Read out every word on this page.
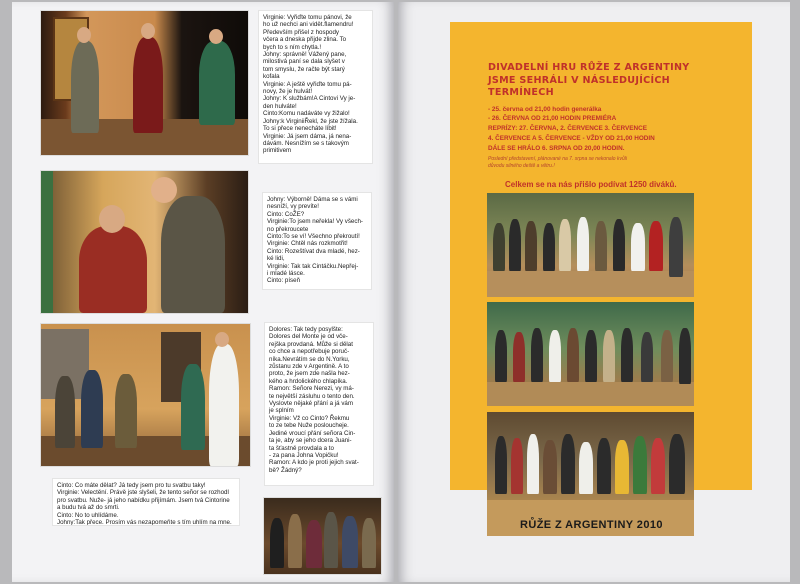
Virginie: Vyřiďte tomu pánovi, že
ho už nechci ani vidět.flamendru!
Především přišel z hospody
včera a dneska přijde zlina. To
bych to s ním chytla.!
Johny: správně! Vážený pane,
milostivá paní se dala slyšet v
tom smyslu, že račte být starý
kofala
Virginie: A ještě vyřiďte tomu pá-
novy, že je hulvát!
Johny: K službám!A Cintovi Vy je-
den hulváte!
Cinto:Komu nadáváte vy žižalo!
Johny:k VirginiiŘekl, že jste žížala.
To si přece nenecháte líbit!
Virginie: Já jsem dáma, já nena-
dávám. Nesnížím se s takovým
primitivem
Johny: Výborně! Dáma se s vámi
nesníží, vy prevíte!
Cinto: CoŽE?
Virginie:To jsem neřekla! Vy všech-
no překroucete
Cinto:To se ví! Všechno překroutí!
Virginie: Chtěl nás rozkmotřit!
Cinto: Rozeštívat dva mladé, hez-
ké lidi,
Virginie: Tak tak Cintáčku.Nepřej-
i mladé lásce.
Cinto: píseň
Dolores: Tak tedy posylšte:
Dolores del Monte je od vče-
rejška provdaná. Může si dělat
co chce a nepotřebuje poruč-
níka.Nevrátím se do N.Yorku,
zůstanu zde v Argentině. A to
proto, že jsem zde našla hez-
kého a hrdolického chlapíka.
Ramon: Señore Nerezi, vy má-
te největší zásluhu o tento den.
Vyslovte nějaké přání a já vám
je splním
Virginie: Vž co Cinto? Řekmu
to ze tebe Nuže posloucheje.
Jediné vroucí přání señora Cin-
ta je, aby se jeho dcera Juani-
ta šťastně provdala a to
- za pana Johna Vopičku!
Ramon: A kdo je proti jejich svat-
bě? Žádný?
Cinto: Co máte dělat? Já tedy jsem pro tu svatbu taky!
Virginie: Velectění. Právě jste slyšeli, že tento señor se rozhodl
pro svatbu. Nuže- já jeho nabídku přijímám. Jsem tvá Cintorine
a budu tvá až do smrti.
Cinto: No to uhlídáme.
Johny:Tak přece. Prosím vás nezapomeňte s tím uhlím na mne.
DIVADELNÍ HRU RŮŽE Z ARGENTINY
JSME SEHRÁLI V NÁSLEDUJÍCÍCH
TERMÍNECH
- 25. června od 21,00 hodin generálka
- 26. ČERVNA OD 21,00 HODIN PREMIÉRA
REPRÍZY: 27. ČERVNA, 2. ČERVENCE 3. ČERVENCE
4. ČERVENCE A 5. ČERVENCE - VŽDY OD 21,00 HODIN
DÁLE SE HRÁLO 6. SRPNA OD 20,00 HODIN.
Poslední představení, plánované na 7. srpna se nekonalo kvůli
důvodu silného deště a větru.!
Celkem se na nás přišlo podívat 1250 diváků.
RŮŽE Z ARGENTINY 2010
